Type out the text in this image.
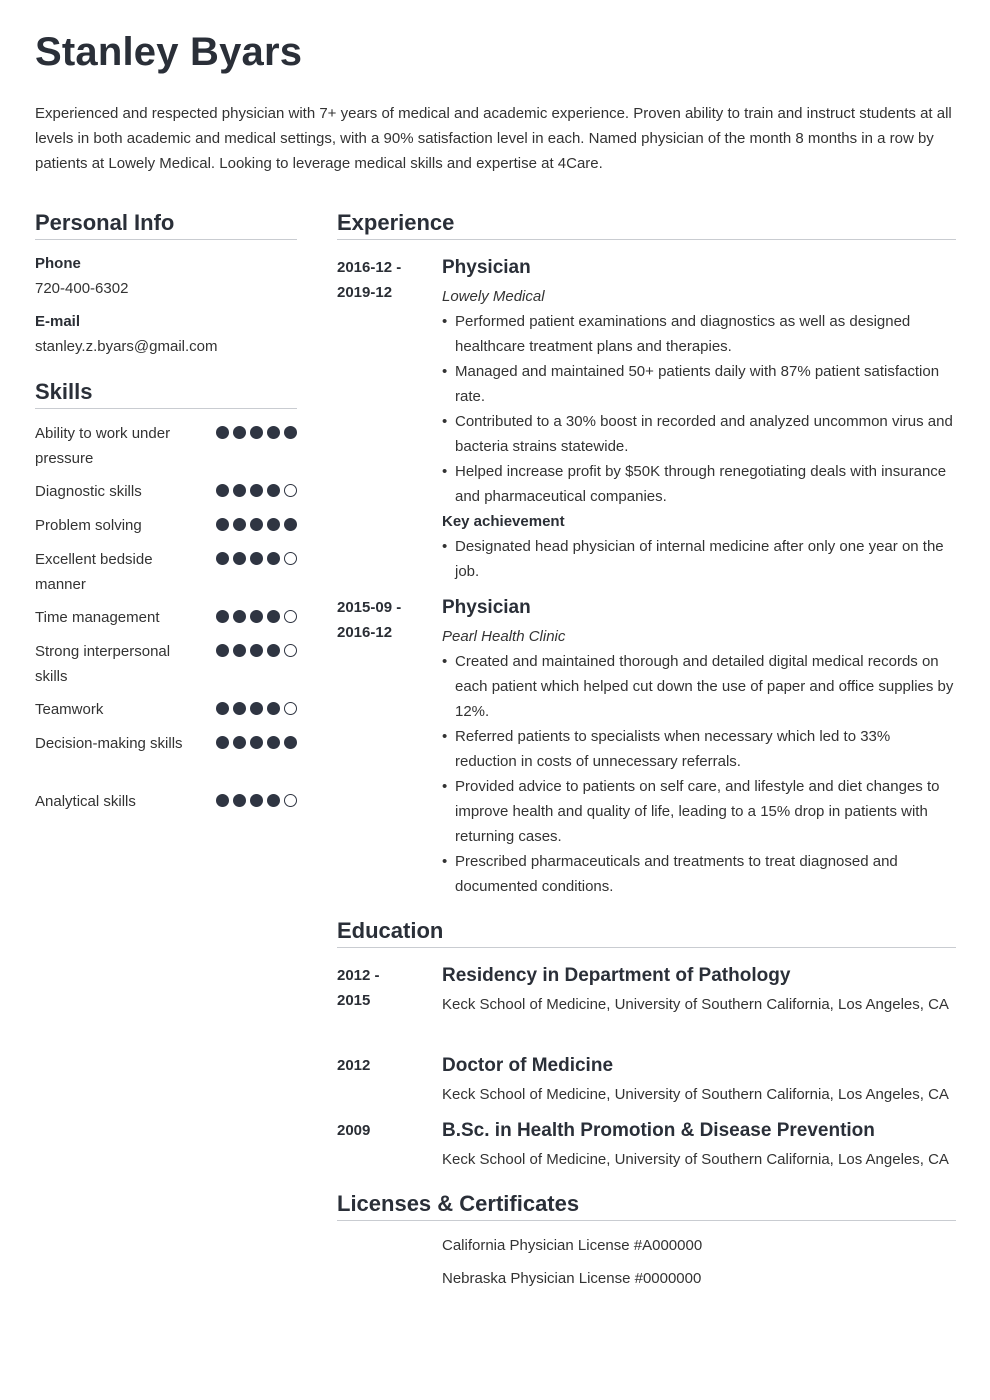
Stanley Byars
Experienced and respected physician with 7+ years of medical and academic experience. Proven ability to train and instruct students at all levels in both academic and medical settings, with a 90% satisfaction level in each. Named physician of the month 8 months in a row by patients at Lowely Medical. Looking to leverage medical skills and expertise at 4Care.
Personal Info
Phone
720-400-6302
E-mail
stanley.z.byars@gmail.com
Skills
Ability to work under pressure
Diagnostic skills
Problem solving
Excellent bedside manner
Time management
Strong interpersonal skills
Teamwork
Decision-making skills
Analytical skills
Experience
2016-12 -
2019-12
Physician
Lowely Medical
• Performed patient examinations and diagnostics as well as designed healthcare treatment plans and therapies.
• Managed and maintained 50+ patients daily with 87% patient satisfaction rate.
• Contributed to a 30% boost in recorded and analyzed uncommon virus and bacteria strains statewide.
• Helped increase profit by $50K through renegotiating deals with insurance and pharmaceutical companies.
Key achievement
• Designated head physician of internal medicine after only one year on the job.
2015-09 -
2016-12
Physician
Pearl Health Clinic
• Created and maintained thorough and detailed digital medical records on each patient which helped cut down the use of paper and office supplies by 12%.
• Referred patients to specialists when necessary which led to 33% reduction in costs of unnecessary referrals.
• Provided advice to patients on self care, and lifestyle and diet changes to improve health and quality of life, leading to a 15% drop in patients with returning cases.
• Prescribed pharmaceuticals and treatments to treat diagnosed and documented conditions.
Education
2012 -
2015
Residency in Department of Pathology
Keck School of Medicine, University of Southern California, Los Angeles, CA
2012	Doctor of Medicine
Keck School of Medicine, University of Southern California, Los Angeles, CA
2009	B.Sc. in Health Promotion & Disease Prevention
Keck School of Medicine, University of Southern California, Los Angeles, CA
Licenses & Certificates
California Physician License #A000000
Nebraska Physician License #0000000
